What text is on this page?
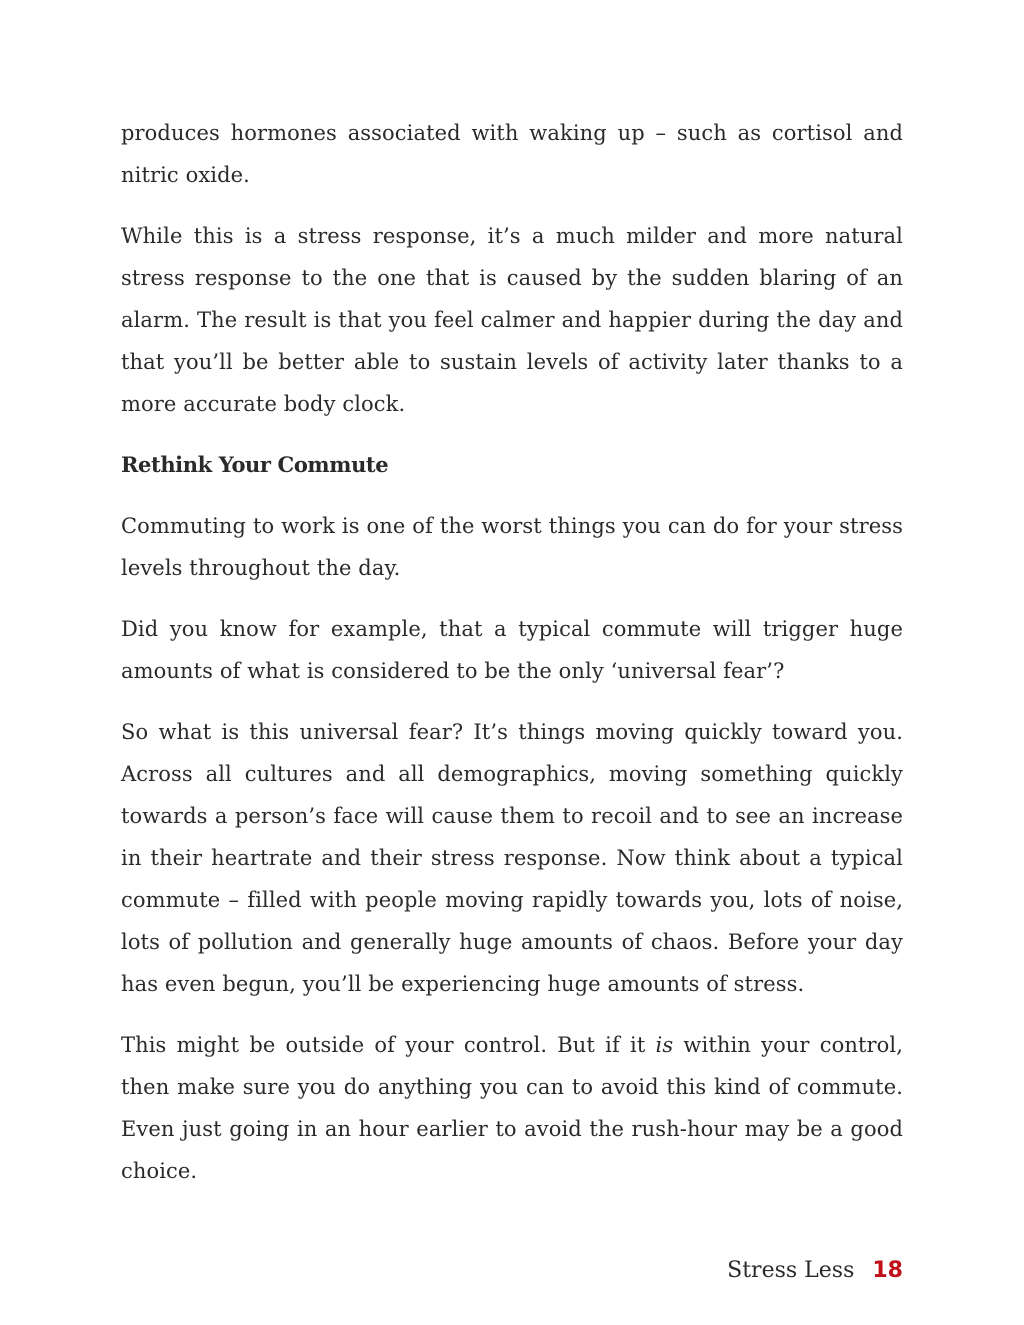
produces hormones associated with waking up – such as cortisol and nitric oxide.

While this is a stress response, it’s a much milder and more natural stress response to the one that is caused by the sudden blaring of an alarm. The result is that you feel calmer and happier during the day and that you’ll be better able to sustain levels of activity later thanks to a more accurate body clock.

Rethink Your Commute

Commuting to work is one of the worst things you can do for your stress levels throughout the day.

Did you know for example, that a typical commute will trigger huge amounts of what is considered to be the only ‘universal fear’?

So what is this universal fear? It’s things moving quickly toward you. Across all cultures and all demographics, moving something quickly towards a person’s face will cause them to recoil and to see an increase in their heartrate and their stress response. Now think about a typical commute – filled with people moving rapidly towards you, lots of noise, lots of pollution and generally huge amounts of chaos. Before your day has even begun, you’ll be experiencing huge amounts of stress.

This might be outside of your control. But if it is within your control, then make sure you do anything you can to avoid this kind of commute. Even just going in an hour earlier to avoid the rush-hour may be a good choice.

Stress Less 18
